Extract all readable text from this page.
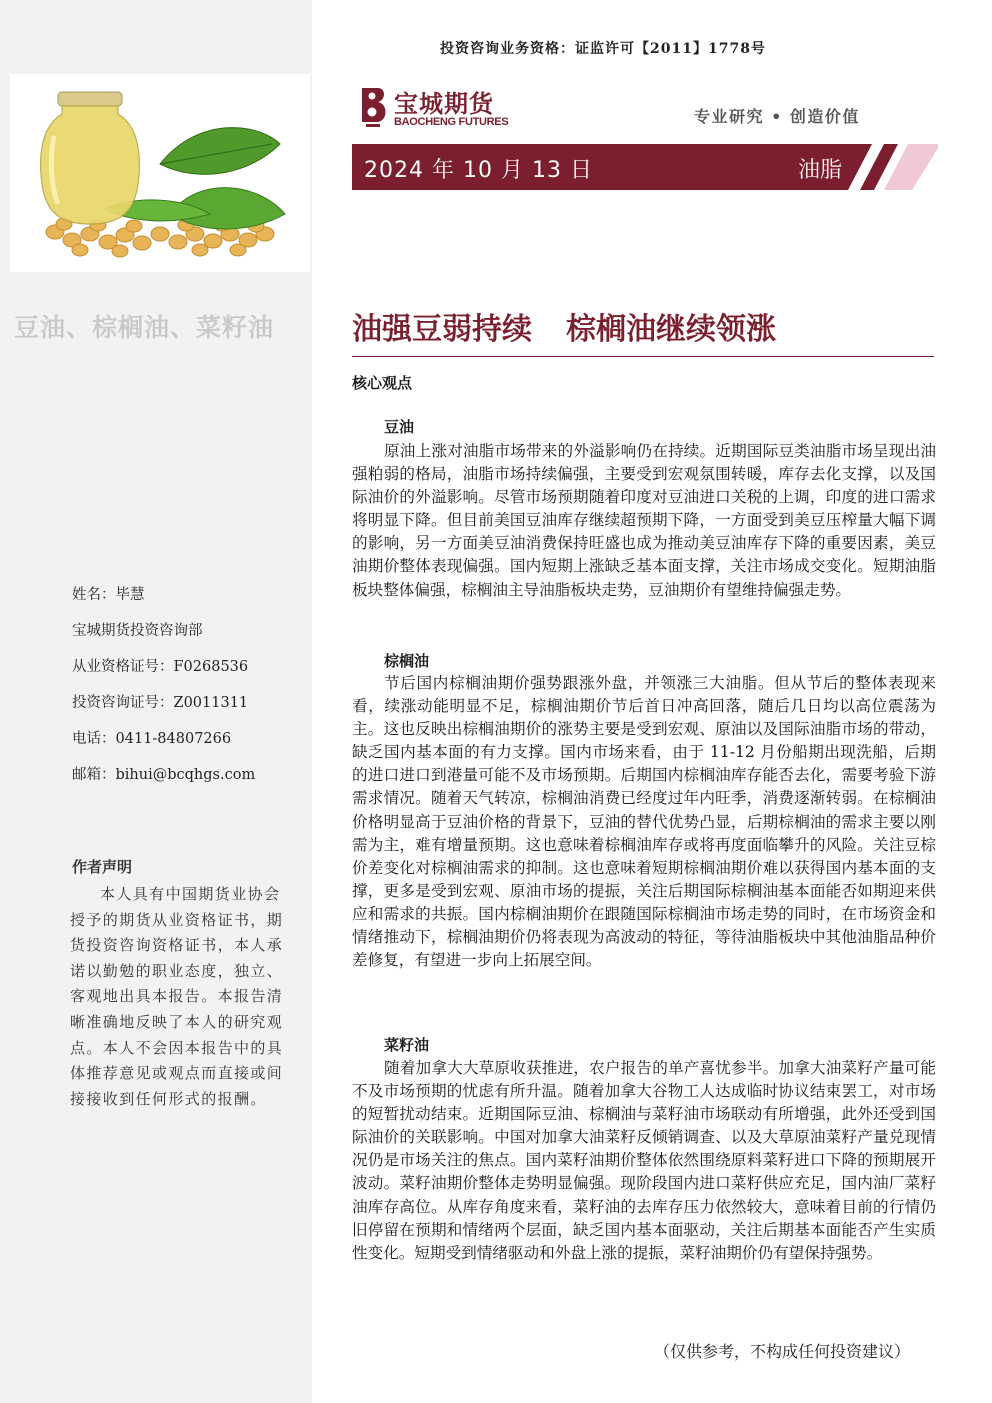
豆油、棕榈油、菜籽油
姓名：毕慧
宝城期货投资咨询部
从业资格证号：F0268536
投资咨询证号：Z0011311
电话：0411-84807266
邮箱：bihui@bcqhgs.com
作者声明
本人具有中国期货业协会授予的期货从业资格证书，期货投资咨询资格证书，本人承诺以勤勉的职业态度，独立、客观地出具本报告。本报告清晰准确地反映了本人的研究观点。本人不会因本报告中的具体推荐意见或观点而直接或间接接收到任何形式的报酬。
投资咨询业务资格：证监许可【2011】1778号
宝城期货
BAOCHENG FUTURES	专业研究 • 创造价值
2024 年 10 月 13 日	油脂
油强豆弱持续 棕榈油继续领涨
核心观点
豆油
原油上涨对油脂市场带来的外溢影响仍在持续。近期国际豆类油脂市场呈现出油强粕弱的格局，油脂市场持续偏强，主要受到宏观氛围转暖，库存去化支撑，以及国际油价的外溢影响。尽管市场预期随着印度对豆油进口关税的上调，印度的进口需求将明显下降。但目前美国豆油库存继续超预期下降，一方面受到美豆压榨量大幅下调的影响，另一方面美豆油消费保持旺盛也成为推动美豆油库存下降的重要因素，美豆油期价整体表现偏强。国内短期上涨缺乏基本面支撑，关注市场成交变化。短期油脂板块整体偏强，棕榈油主导油脂板块走势，豆油期价有望维持偏强走势。
棕榈油
节后国内棕榈油期价强势跟涨外盘，并领涨三大油脂。但从节后的整体表现来看，续涨动能明显不足，棕榈油期价节后首日冲高回落，随后几日均以高位震荡为主。这也反映出棕榈油期价的涨势主要是受到宏观、原油以及国际油脂市场的带动，缺乏国内基本面的有力支撑。国内市场来看，由于 11-12 月份船期出现洗船，后期的进口进口到港量可能不及市场预期。后期国内棕榈油库存能否去化，需要考验下游需求情况。随着天气转凉，棕榈油消费已经度过年内旺季，消费逐渐转弱。在棕榈油价格明显高于豆油价格的背景下，豆油的替代优势凸显，后期棕榈油的需求主要以刚需为主，难有增量预期。这也意味着棕榈油库存或将再度面临攀升的风险。关注豆棕价差变化对棕榈油需求的抑制。这也意味着短期棕榈油期价难以获得国内基本面的支撑，更多是受到宏观、原油市场的提振，关注后期国际棕榈油基本面能否如期迎来供应和需求的共振。国内棕榈油期价在跟随国际棕榈油市场走势的同时，在市场资金和情绪推动下，棕榈油期价仍将表现为高波动的特征，等待油脂板块中其他油脂品种价差修复，有望进一步向上拓展空间。
菜籽油
随着加拿大大草原收获推进，农户报告的单产喜忧参半。加拿大油菜籽产量可能不及市场预期的忧虑有所升温。随着加拿大谷物工人达成临时协议结束罢工，对市场的短暂扰动结束。近期国际豆油、棕榈油与菜籽油市场联动有所增强，此外还受到国际油价的关联影响。中国对加拿大油菜籽反倾销调查、以及大草原油菜籽产量兑现情况仍是市场关注的焦点。国内菜籽油期价整体依然围绕原料菜籽进口下降的预期展开波动。菜籽油期价整体走势明显偏强。现阶段国内进口菜籽供应充足，国内油厂菜籽油库存高位。从库存角度来看，菜籽油的去库存压力依然较大，意味着目前的行情仍旧停留在预期和情绪两个层面，缺乏国内基本面驱动，关注后期基本面能否产生实质性变化。短期受到情绪驱动和外盘上涨的提振，菜籽油期价仍有望保持强势。
（仅供参考，不构成任何投资建议）
